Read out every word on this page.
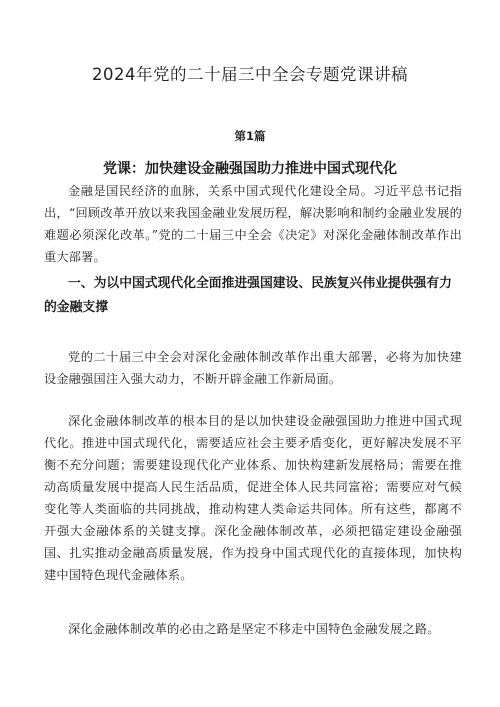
2024年党的二十届三中全会专题党课讲稿
第1篇
党课：加快建设金融强国助力推进中国式现代化

金融是国民经济的血脉，关系中国式现代化建设全局。习近平总书记指出，“回顾改革开放以来我国金融业发展历程，解决影响和制约金融业发展的难题必须深化改革。”党的二十届三中全会《决定》对深化金融体制改革作出重大部署。

一、为以中国式现代化全面推进强国建设、民族复兴伟业提供强有力的金融支撑

党的二十届三中全会对深化金融体制改革作出重大部署，必将为加快建设金融强国注入强大动力，不断开辟金融工作新局面。

深化金融体制改革的根本目的是以加快建设金融强国助力推进中国式现代化。推进中国式现代化，需要适应社会主要矛盾变化，更好解决发展不平衡不充分问题；需要建设现代化产业体系、加快构建新发展格局；需要在推动高质量发展中提高人民生活品质，促进全体人民共同富裕；需要应对气候变化等人类面临的共同挑战，推动构建人类命运共同体。所有这些，都离不开强大金融体系的关键支撑。深化金融体制改革，必须把锚定建设金融强国、扎实推动金融高质量发展，作为投身中国式现代化的直接体现，加快构建中国特色现代金融体系。

深化金融体制改革的必由之路是坚定不移走中国特色金融发展之路。
